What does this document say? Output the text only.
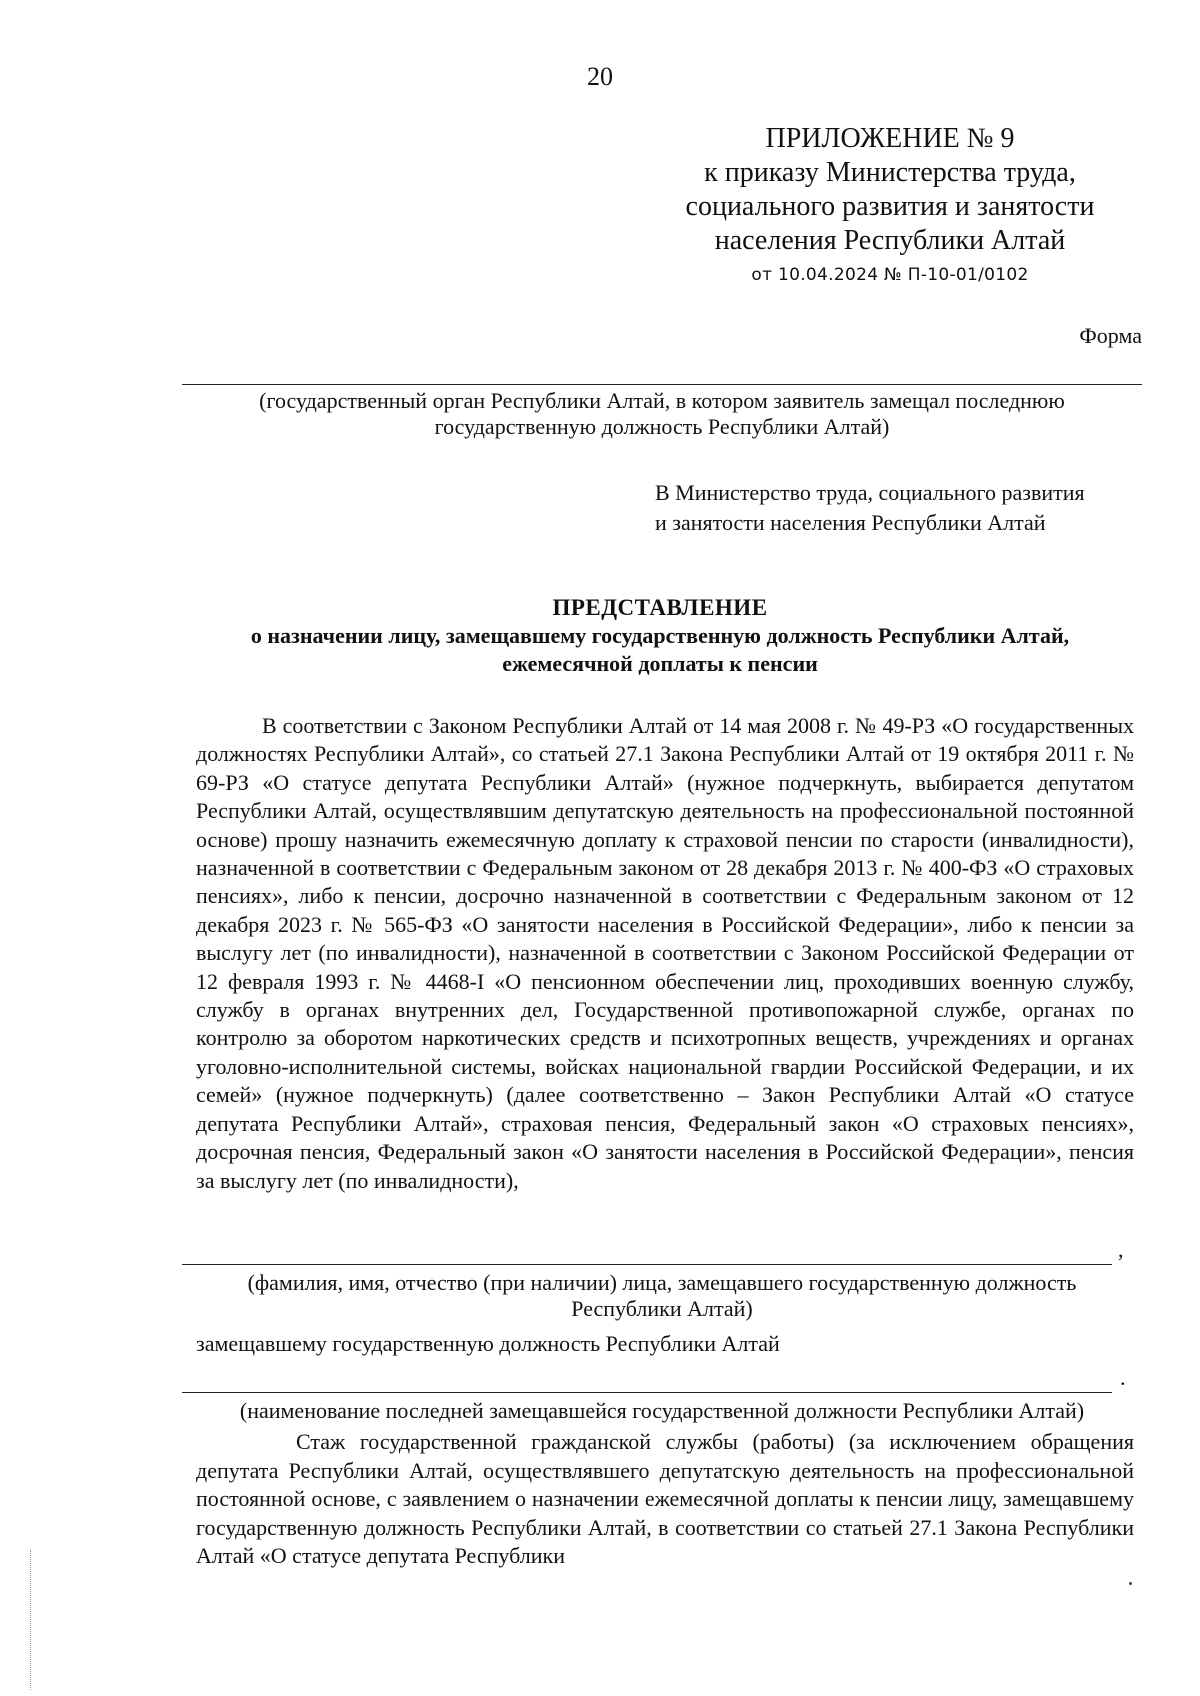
20
ПРИЛОЖЕНИЕ № 9
к приказу Министерства труда,
социального развития и занятости
населения Республики Алтай
от 10.04.2024 № П-10-01/0102
Форма
(государственный орган Республики Алтай, в котором заявитель замещал последнюю
государственную должность Республики Алтай)
В Министерство труда, социального развития
и занятости населения Республики Алтай
ПРЕДСТАВЛЕНИЕ
о назначении лицу, замещавшему государственную должность Республики Алтай,
ежемесячной доплаты к пенсии

В соответствии с Законом Республики Алтай от 14 мая 2008 г. № 49-РЗ «О государственных должностях Республики Алтай», со статьей 27.1 Закона Республики Алтай от 19 октября 2011 г. № 69-РЗ «О статусе депутата Республики Алтай» (нужное подчеркнуть, выбирается депутатом Республики Алтай, осуществлявшим депутатскую деятельность на профессиональной постоянной основе) прошу назначить ежемесячную доплату к страховой пенсии по старости (инвалидности), назначенной в соответствии с Федеральным законом от 28 декабря 2013 г. № 400-ФЗ «О страховых пенсиях», либо к пенсии, досрочно назначенной в соответствии с Федеральным законом от 12 декабря 2023 г. № 565-ФЗ «О занятости населения в Российской Федерации», либо к пенсии за выслугу лет (по инвалидности), назначенной в соответствии с Законом Российской Федерации от 12 февраля 1993 г. № 4468-I «О пенсионном обеспечении лиц, проходивших военную службу, службу в органах внутренних дел, Государственной противопожарной службе, органах по контролю за оборотом наркотических средств и психотропных веществ, учреждениях и органах уголовно-исполнительной системы, войсках национальной гвардии Российской Федерации, и их семей» (нужное подчеркнуть) (далее соответственно – Закон Республики Алтай «О статусе депутата Республики Алтай», страховая пенсия, Федеральный закон «О страховых пенсиях», досрочная пенсия, Федеральный закон «О занятости населения в Российской Федерации», пенсия за выслугу лет (по инвалидности),

,
(фамилия, имя, отчество (при наличии) лица, замещавшего государственную должность
Республики Алтай)
замещавшему государственную должность Республики Алтай
.
(наименование последней замещавшейся государственной должности Республики Алтай)

Стаж государственной гражданской службы (работы) (за исключением обращения депутата Республики Алтай, осуществлявшего депутатскую деятельность на профессиональной постоянной основе, с заявлением о назначении ежемесячной доплаты к пенсии лицу, замещавшему государственную должность Республики Алтай, в соответствии со статьей 27.1 Закона Республики Алтай «О статусе депутата Республики
